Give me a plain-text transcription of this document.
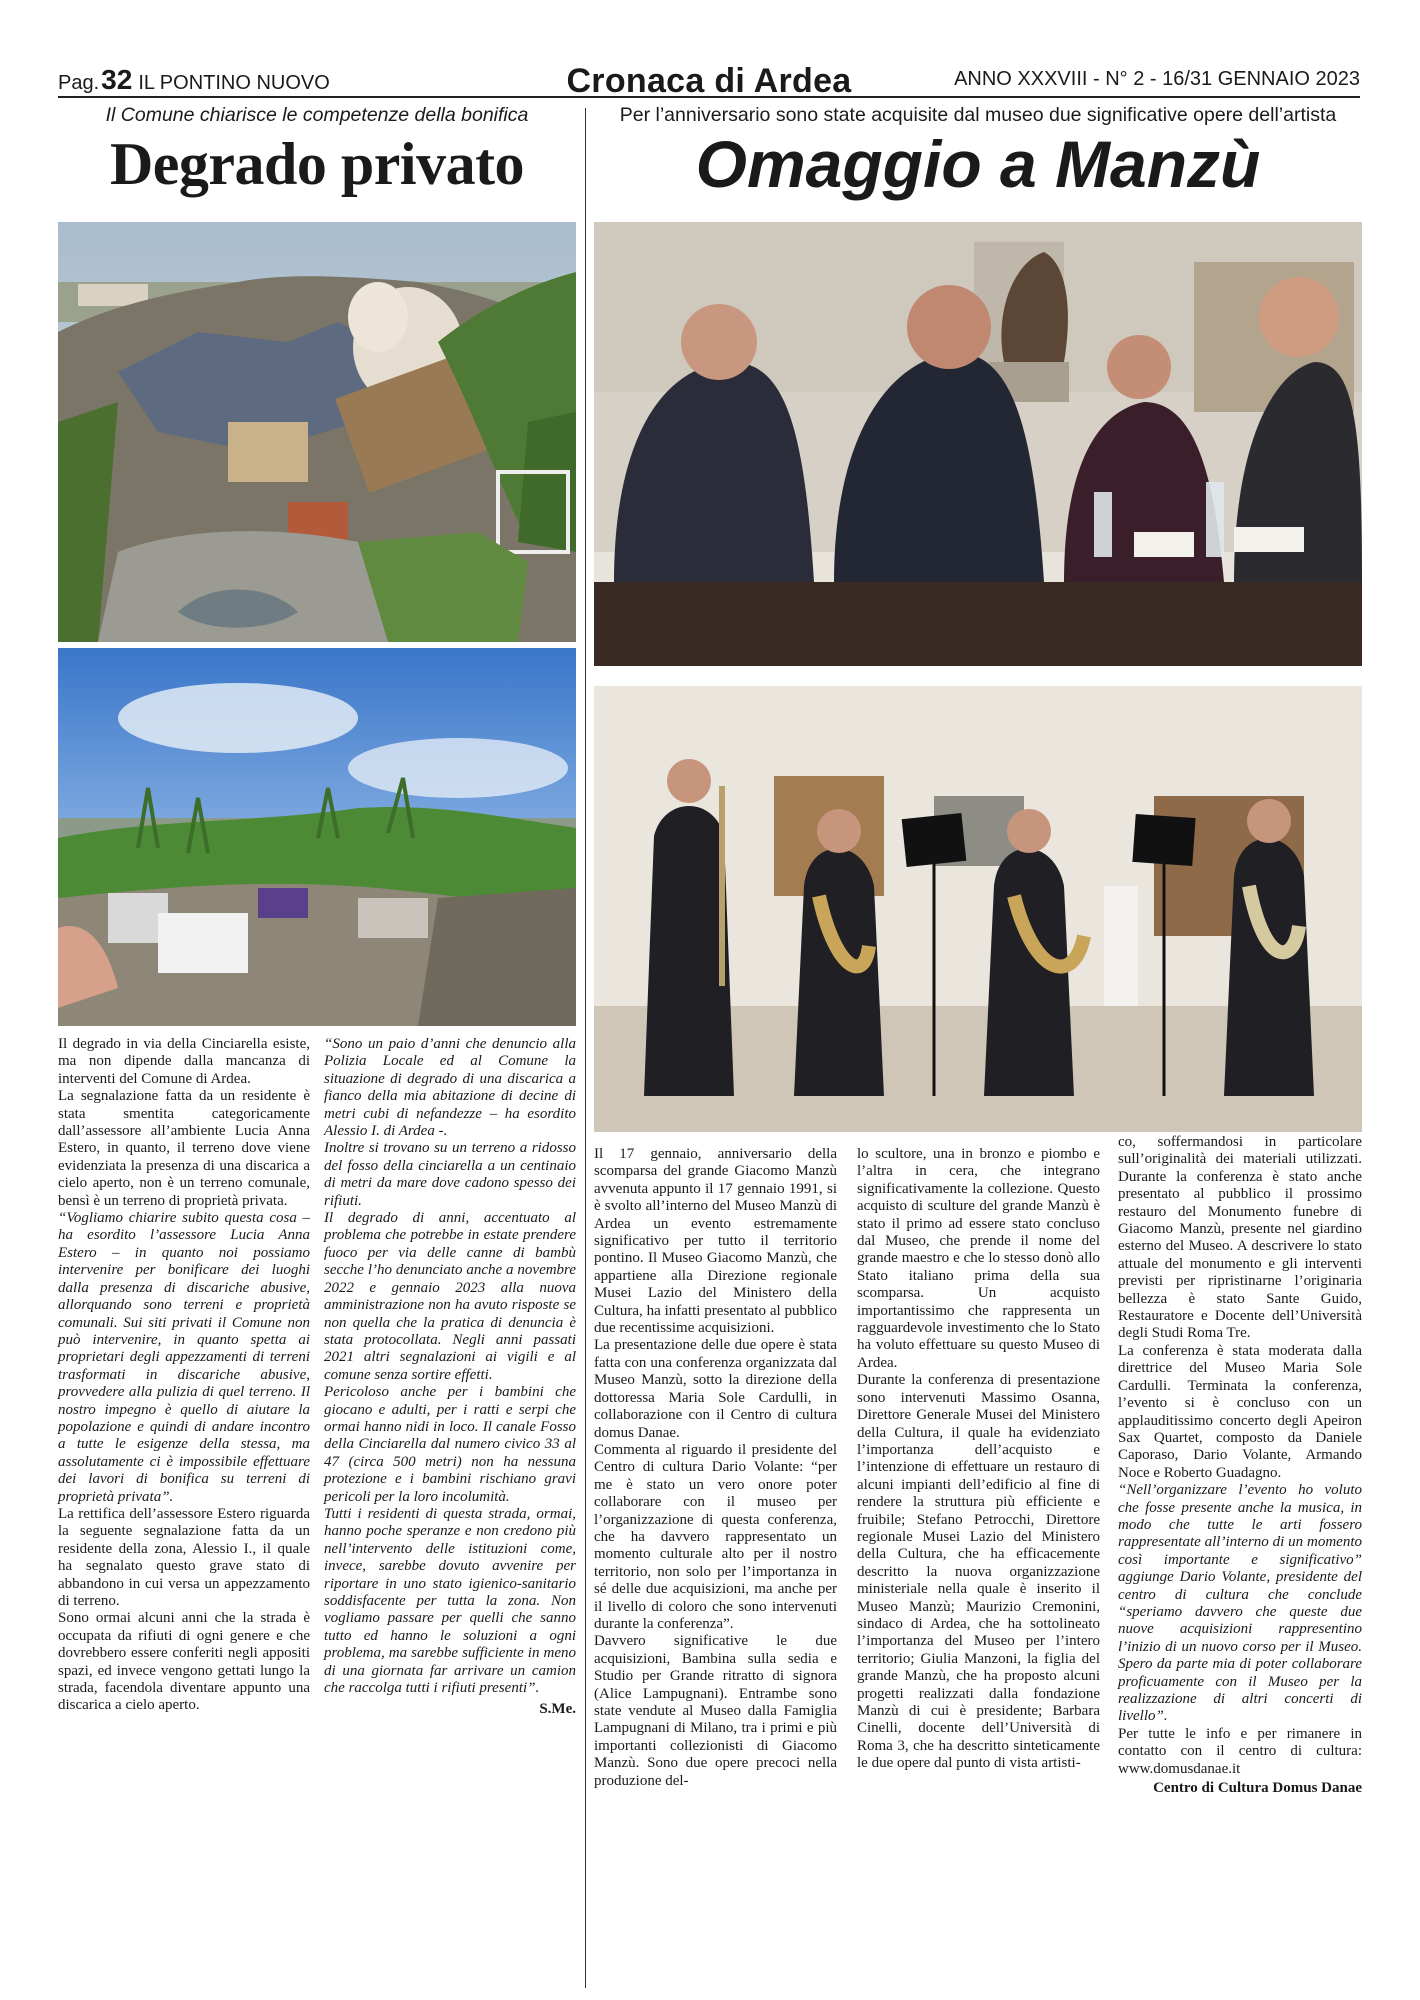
Pag.32 IL PONTINO NUOVO	Cronaca di Ardea	ANNO XXXVIII - N° 2 - 16/31 GENNAIO 2023
Il Comune chiarisce le competenze della bonifica
Degrado privato

Il degrado in via della Cinciarella esiste, ma non dipende dalla mancanza di interventi del Comune di Ardea.

La segnalazione fatta da un residente è stata smentita categoricamente dall’assessore all’ambiente Lucia Anna Estero, in quanto, il terreno dove viene evidenziata la presenza di una discarica a cielo aperto, non è un terreno comunale, bensì è un terreno di proprietà privata.

“Vogliamo chiarire subito questa cosa – ha esordito l’assessore Lucia Anna Estero – in quanto noi possiamo intervenire per bonificare dei luoghi dalla presenza di discariche abusive, allorquando sono terreni e proprietà comunali. Sui siti privati il Comune non può intervenire, in quanto spetta ai proprietari degli appezzamenti di terreni trasformati in discariche abusive, provvedere alla pulizia di quel terreno. Il nostro impegno è quello di aiutare la popolazione e quindi di andare incontro a tutte le esigenze della stessa, ma assolutamente ci è impossibile effettuare dei lavori di bonifica su terreni di proprietà privata”.

La rettifica dell’assessore Estero riguarda la seguente segnalazione fatta da un residente della zona, Alessio I., il quale ha segnalato questo grave stato di abbandono in cui versa un appezzamento di terreno.

Sono ormai alcuni anni che la strada è occupata da rifiuti di ogni genere e che dovrebbero essere conferiti negli appositi spazi, ed invece vengono gettati lungo la strada, facendola diventare appunto una discarica a cielo aperto.

“Sono un paio d’anni che denuncio alla Polizia Locale ed al Comune la situazione di degrado di una discarica a fianco della mia abitazione di decine di metri cubi di nefandezze – ha esordito Alessio I. di Ardea -.

Inoltre si trovano su un terreno a ridosso del fosso della cinciarella a un centinaio di metri da mare dove cadono spesso dei rifiuti.

Il degrado di anni, accentuato al problema che potrebbe in estate prendere fuoco per via delle canne di bambù secche l’ho denunciato anche a novembre 2022 e gennaio 2023 alla nuova amministrazione non ha avuto risposte se non quella che la pratica di denuncia è stata protocollata. Negli anni passati 2021 altri segnalazioni ai vigili e al comune senza sortire effetti.

Pericoloso anche per i bambini che giocano e adulti, per i ratti e serpi che ormai hanno nidi in loco. Il canale Fosso della Cinciarella dal numero civico 33 al 47 (circa 500 metri) non ha nessuna protezione e i bambini rischiano gravi pericoli per la loro incolumità.

Tutti i residenti di questa strada, ormai, hanno poche speranze e non credono più nell’intervento delle istituzioni come, invece, sarebbe dovuto avvenire per riportare in uno stato igienico-sanitario soddisfacente per tutta la zona. Non vogliamo passare per quelli che sanno tutto ed hanno le soluzioni a ogni problema, ma sarebbe sufficiente in meno di una giornata far arrivare un camion che raccolga tutti i rifiuti presenti”.

S.Me.

Per l’anniversario sono state acquisite dal museo due significative opere dell’artista
Omaggio a Manzù

Il 17 gennaio, anniversario della scomparsa del grande Giacomo Manzù avvenuta appunto il 17 gennaio 1991, si è svolto all’interno del Museo Manzù di Ardea un evento estremamente significativo per tutto il territorio pontino. Il Museo Giacomo Manzù, che appartiene alla Direzione regionale Musei Lazio del Ministero della Cultura, ha infatti presentato al pubblico due recentissime acquisizioni.

La presentazione delle due opere è stata fatta con una conferenza organizzata dal Museo Manzù, sotto la direzione della dottoressa Maria Sole Cardulli, in collaborazione con il Centro di cultura domus Danae.

Commenta al riguardo il presidente del Centro di cultura Dario Volante: “per me è stato un vero onore poter collaborare con il museo per l’organizzazione di questa conferenza, che ha davvero rappresentato un momento culturale alto per il nostro territorio, non solo per l’importanza in sé delle due acquisizioni, ma anche per il livello di coloro che sono intervenuti durante la conferenza”.

Davvero significative le due acquisizioni, Bambina sulla sedia e Studio per Grande ritratto di signora (Alice Lampugnani). Entrambe sono state vendute al Museo dalla Famiglia Lampugnani di Milano, tra i primi e più importanti collezionisti di Giacomo Manzù. Sono due opere precoci nella produzione del-

lo scultore, una in bronzo e piombo e l’altra in cera, che integrano significativamente la collezione. Questo acquisto di sculture del grande Manzù è stato il primo ad essere stato concluso dal Museo, che prende il nome del grande maestro e che lo stesso donò allo Stato italiano prima della sua scomparsa. Un acquisto importantissimo che rappresenta un ragguardevole investimento che lo Stato ha voluto effettuare su questo Museo di Ardea.

Durante la conferenza di presentazione sono intervenuti Massimo Osanna, Direttore Generale Musei del Ministero della Cultura, il quale ha evidenziato l’importanza dell’acquisto e l’intenzione di effettuare un restauro di alcuni impianti dell’edificio al fine di rendere la struttura più efficiente e fruibile; Stefano Petrocchi, Direttore regionale Musei Lazio del Ministero della Cultura, che ha efficacemente descritto la nuova organizzazione ministeriale nella quale è inserito il Museo Manzù; Maurizio Cremonini, sindaco di Ardea, che ha sottolineato l’importanza del Museo per l’intero territorio; Giulia Manzoni, la figlia del grande Manzù, che ha proposto alcuni progetti realizzati dalla fondazione Manzù di cui è presidente; Barbara Cinelli, docente dell’Università di Roma 3, che ha descritto sinteticamente le due opere dal punto di vista artisti-

co, soffermandosi in particolare sull’originalità dei materiali utilizzati. Durante la conferenza è stato anche presentato al pubblico il prossimo restauro del Monumento funebre di Giacomo Manzù, presente nel giardino esterno del Museo. A descrivere lo stato attuale del monumento e gli interventi previsti per ripristinarne l’originaria bellezza è stato Sante Guido, Restauratore e Docente dell’Università degli Studi Roma Tre.

La conferenza è stata moderata dalla direttrice del Museo Maria Sole Cardulli. Terminata la conferenza, l’evento si è concluso con un applauditissimo concerto degli Apeiron Sax Quartet, composto da Daniele Caporaso, Dario Volante, Armando Noce e Roberto Guadagno.

“Nell’organizzare l’evento ho voluto che fosse presente anche la musica, in modo che tutte le arti fossero rappresentate all’interno di un momento così importante e significativo” aggiunge Dario Volante, presidente del centro di cultura che conclude “speriamo davvero che queste due nuove acquisizioni rappresentino l’inizio di un nuovo corso per il Museo. Spero da parte mia di poter collaborare proficuamente con il Museo per la realizzazione di altri concerti di livello”.

Per tutte le info e per rimanere in contatto con il centro di cultura: www.domusdanae.it

Centro di Cultura Domus Danae
